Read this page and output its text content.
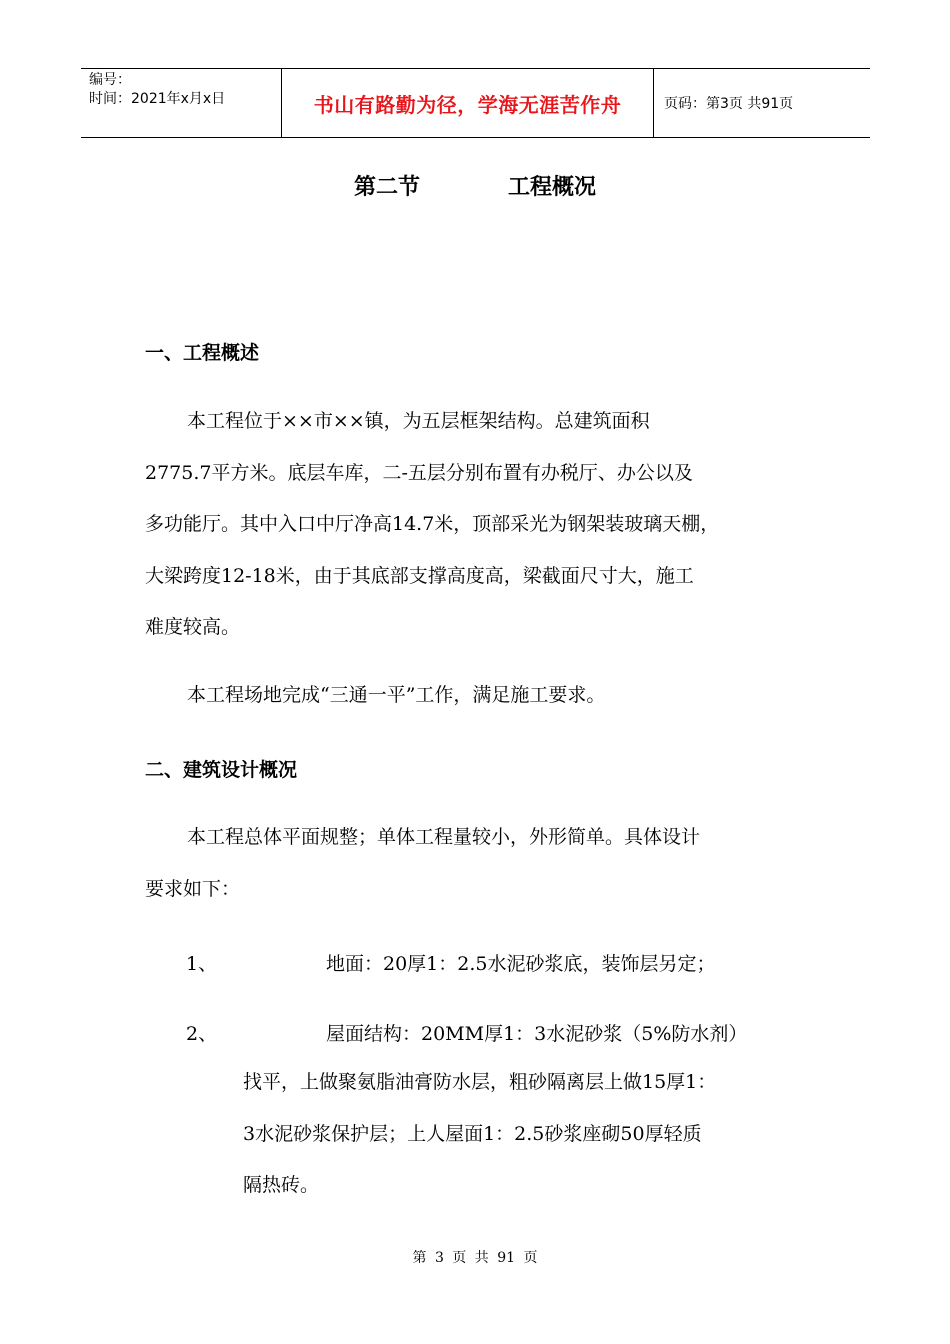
编号：
时间：2021年x月x日	书山有路勤为径，学海无涯苦作舟	页码：第3页 共91页
第二节	工程概况
一、工程概述
本工程位于××市××镇，为五层框架结构。总建筑面积
2775.7平方米。底层车库，二-五层分别布置有办税厅、办公以及
多功能厅。其中入口中厅净高14.7米，顶部采光为钢架装玻璃天棚，
大梁跨度12-18米，由于其底部支撑高度高，梁截面尺寸大，施工
难度较高。
本工程场地完成“三通一平”工作，满足施工要求。
二、建筑设计概况
本工程总体平面规整；单体工程量较小，外形简单。具体设计
要求如下：
1、	地面：20厚1：2.5水泥砂浆底，装饰层另定；
2、	屋面结构：20MM厚1：3水泥砂浆（5%防水剂）
找平，上做聚氨脂油膏防水层，粗砂隔离层上做15厚1：
3水泥砂浆保护层；上人屋面1：2.5砂浆座砌50厚轻质
隔热砖。
第 3 页 共 91 页
